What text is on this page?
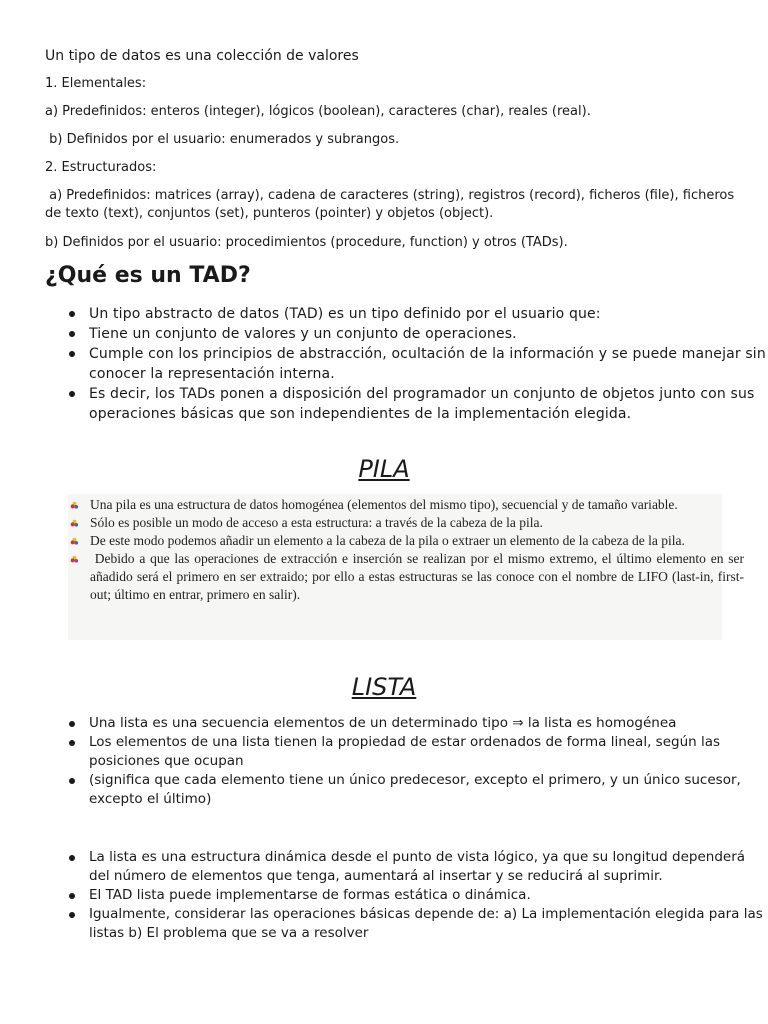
Un tipo de datos es una colección de valores
1. Elementales:
a) Predefinidos: enteros (integer), lógicos (boolean), caracteres (char), reales (real).
b) Definidos por el usuario: enumerados y subrangos.
2. Estructurados:
a) Predefinidos: matrices (array), cadena de caracteres (string), registros (record), ficheros (file), ficheros de texto (text), conjuntos (set), punteros (pointer) y objetos (object).
b) Definidos por el usuario: procedimientos (procedure, function) y otros (TADs).
¿Qué es un TAD?
Un tipo abstracto de datos (TAD) es un tipo definido por el usuario que:
Tiene un conjunto de valores y un conjunto de operaciones.
Cumple con los principios de abstracción, ocultación de la información y se puede manejar sin conocer la representación interna.
Es decir, los TADs ponen a disposición del programador un conjunto de objetos junto con sus operaciones básicas que son independientes de la implementación elegida.
PILA
Una pila es una estructura de datos homogénea (elementos del mismo tipo), secuencial y de tamaño variable.
Sólo es posible un modo de acceso a esta estructura: a través de la cabeza de la pila.
De este modo podemos añadir un elemento a la cabeza de la pila o extraer un elemento de la cabeza de la pila.
Debido a que las operaciones de extracción e inserción se realizan por el mismo extremo, el último elemento en ser añadido será el primero en ser extraido; por ello a estas estructuras se las conoce con el nombre de LIFO (last-in, first-out; último en entrar, primero en salir).
LISTA
Una lista es una secuencia elementos de un determinado tipo ⇒ la lista es homogénea
Los elementos de una lista tienen la propiedad de estar ordenados de forma lineal, según las posiciones que ocupan
(significa que cada elemento tiene un único predecesor, excepto el primero, y un único sucesor, excepto el último)
La lista es una estructura dinámica desde el punto de vista lógico, ya que su longitud dependerá del número de elementos que tenga, aumentará al insertar y se reducirá al suprimir.
El TAD lista puede implementarse de formas estática o dinámica.
Igualmente, considerar las operaciones básicas depende de: a) La implementación elegida para las listas b) El problema que se va a resolver
